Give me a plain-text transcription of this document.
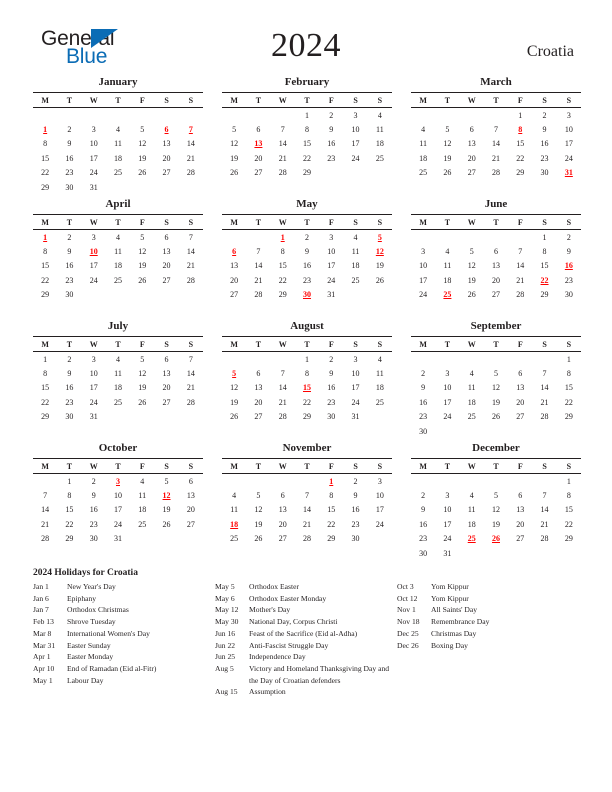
General
Blue	2024	Croatia
January
M	T	W	T	F	S	S

1	2	3	4	5	6	7
8	9	10	11	12	13	14
15	16	17	18	19	20	21
22	23	24	25	26	27	28
29	30	31				
February
M	T	W	T	F	S	S
			1	2	3	4
5	6	7	8	9	10	11
12	13	14	15	16	17	18
19	20	21	22	23	24	25
26	27	28	29			
March
M	T	W	T	F	S	S
				1	2	3
4	5	6	7	8	9	10
11	12	13	14	15	16	17
18	19	20	21	22	23	24
25	26	27	28	29	30	31
April
M	T	W	T	F	S	S
1	2	3	4	5	6	7
8	9	10	11	12	13	14
15	16	17	18	19	20	21
22	23	24	25	26	27	28
29	30					
May
M	T	W	T	F	S	S
		1	2	3	4	5
6	7	8	9	10	11	12
13	14	15	16	17	18	19
20	21	22	23	24	25	26
27	28	29	30	31		
June
M	T	W	T	F	S	S
					1	2
3	4	5	6	7	8	9
10	11	12	13	14	15	16
17	18	19	20	21	22	23
24	25	26	27	28	29	30
July
M	T	W	T	F	S	S
1	2	3	4	5	6	7
8	9	10	11	12	13	14
15	16	17	18	19	20	21
22	23	24	25	26	27	28
29	30	31				
August
M	T	W	T	F	S	S
			1	2	3	4
5	6	7	8	9	10	11
12	13	14	15	16	17	18
19	20	21	22	23	24	25
26	27	28	29	30	31	
September
M	T	W	T	F	S	S
						1
2	3	4	5	6	7	8
9	10	11	12	13	14	15
16	17	18	19	20	21	22
23	24	25	26	27	28	29
30						
October
M	T	W	T	F	S	S
	1	2	3	4	5	6
7	8	9	10	11	12	13
14	15	16	17	18	19	20
21	22	23	24	25	26	27
28	29	30	31			
November
M	T	W	T	F	S	S
				1	2	3
4	5	6	7	8	9	10
11	12	13	14	15	16	17
18	19	20	21	22	23	24
25	26	27	28	29	30	
December
M	T	W	T	F	S	S
						1
2	3	4	5	6	7	8
9	10	11	12	13	14	15
16	17	18	19	20	21	22
23	24	25	26	27	28	29
30	31					
2024 Holidays for Croatia
Jan 1	New Year's Day
Jan 6	Epiphany
Jan 7	Orthodox Christmas
Feb 13	Shrove Tuesday
Mar 8	International Women's Day
Mar 31	Easter Sunday
Apr 1	Easter Monday
Apr 10	End of Ramadan (Eid al-Fitr)
May 1	Labour Day
May 5	Orthodox Easter
May 6	Orthodox Easter Monday
May 12	Mother's Day
May 30	National Day, Corpus Christi
Jun 16	Feast of the Sacrifice (Eid al-Adha)
Jun 22	Anti-Fascist Struggle Day
Jun 25	Independence Day
Aug 5	Victory and Homeland Thanksgiving Day and the Day of Croatian defenders
Aug 15	Assumption
Oct 3	Yom Kippur
Oct 12	Yom Kippur
Nov 1	All Saints' Day
Nov 18	Remembrance Day
Dec 25	Christmas Day
Dec 26	Boxing Day
